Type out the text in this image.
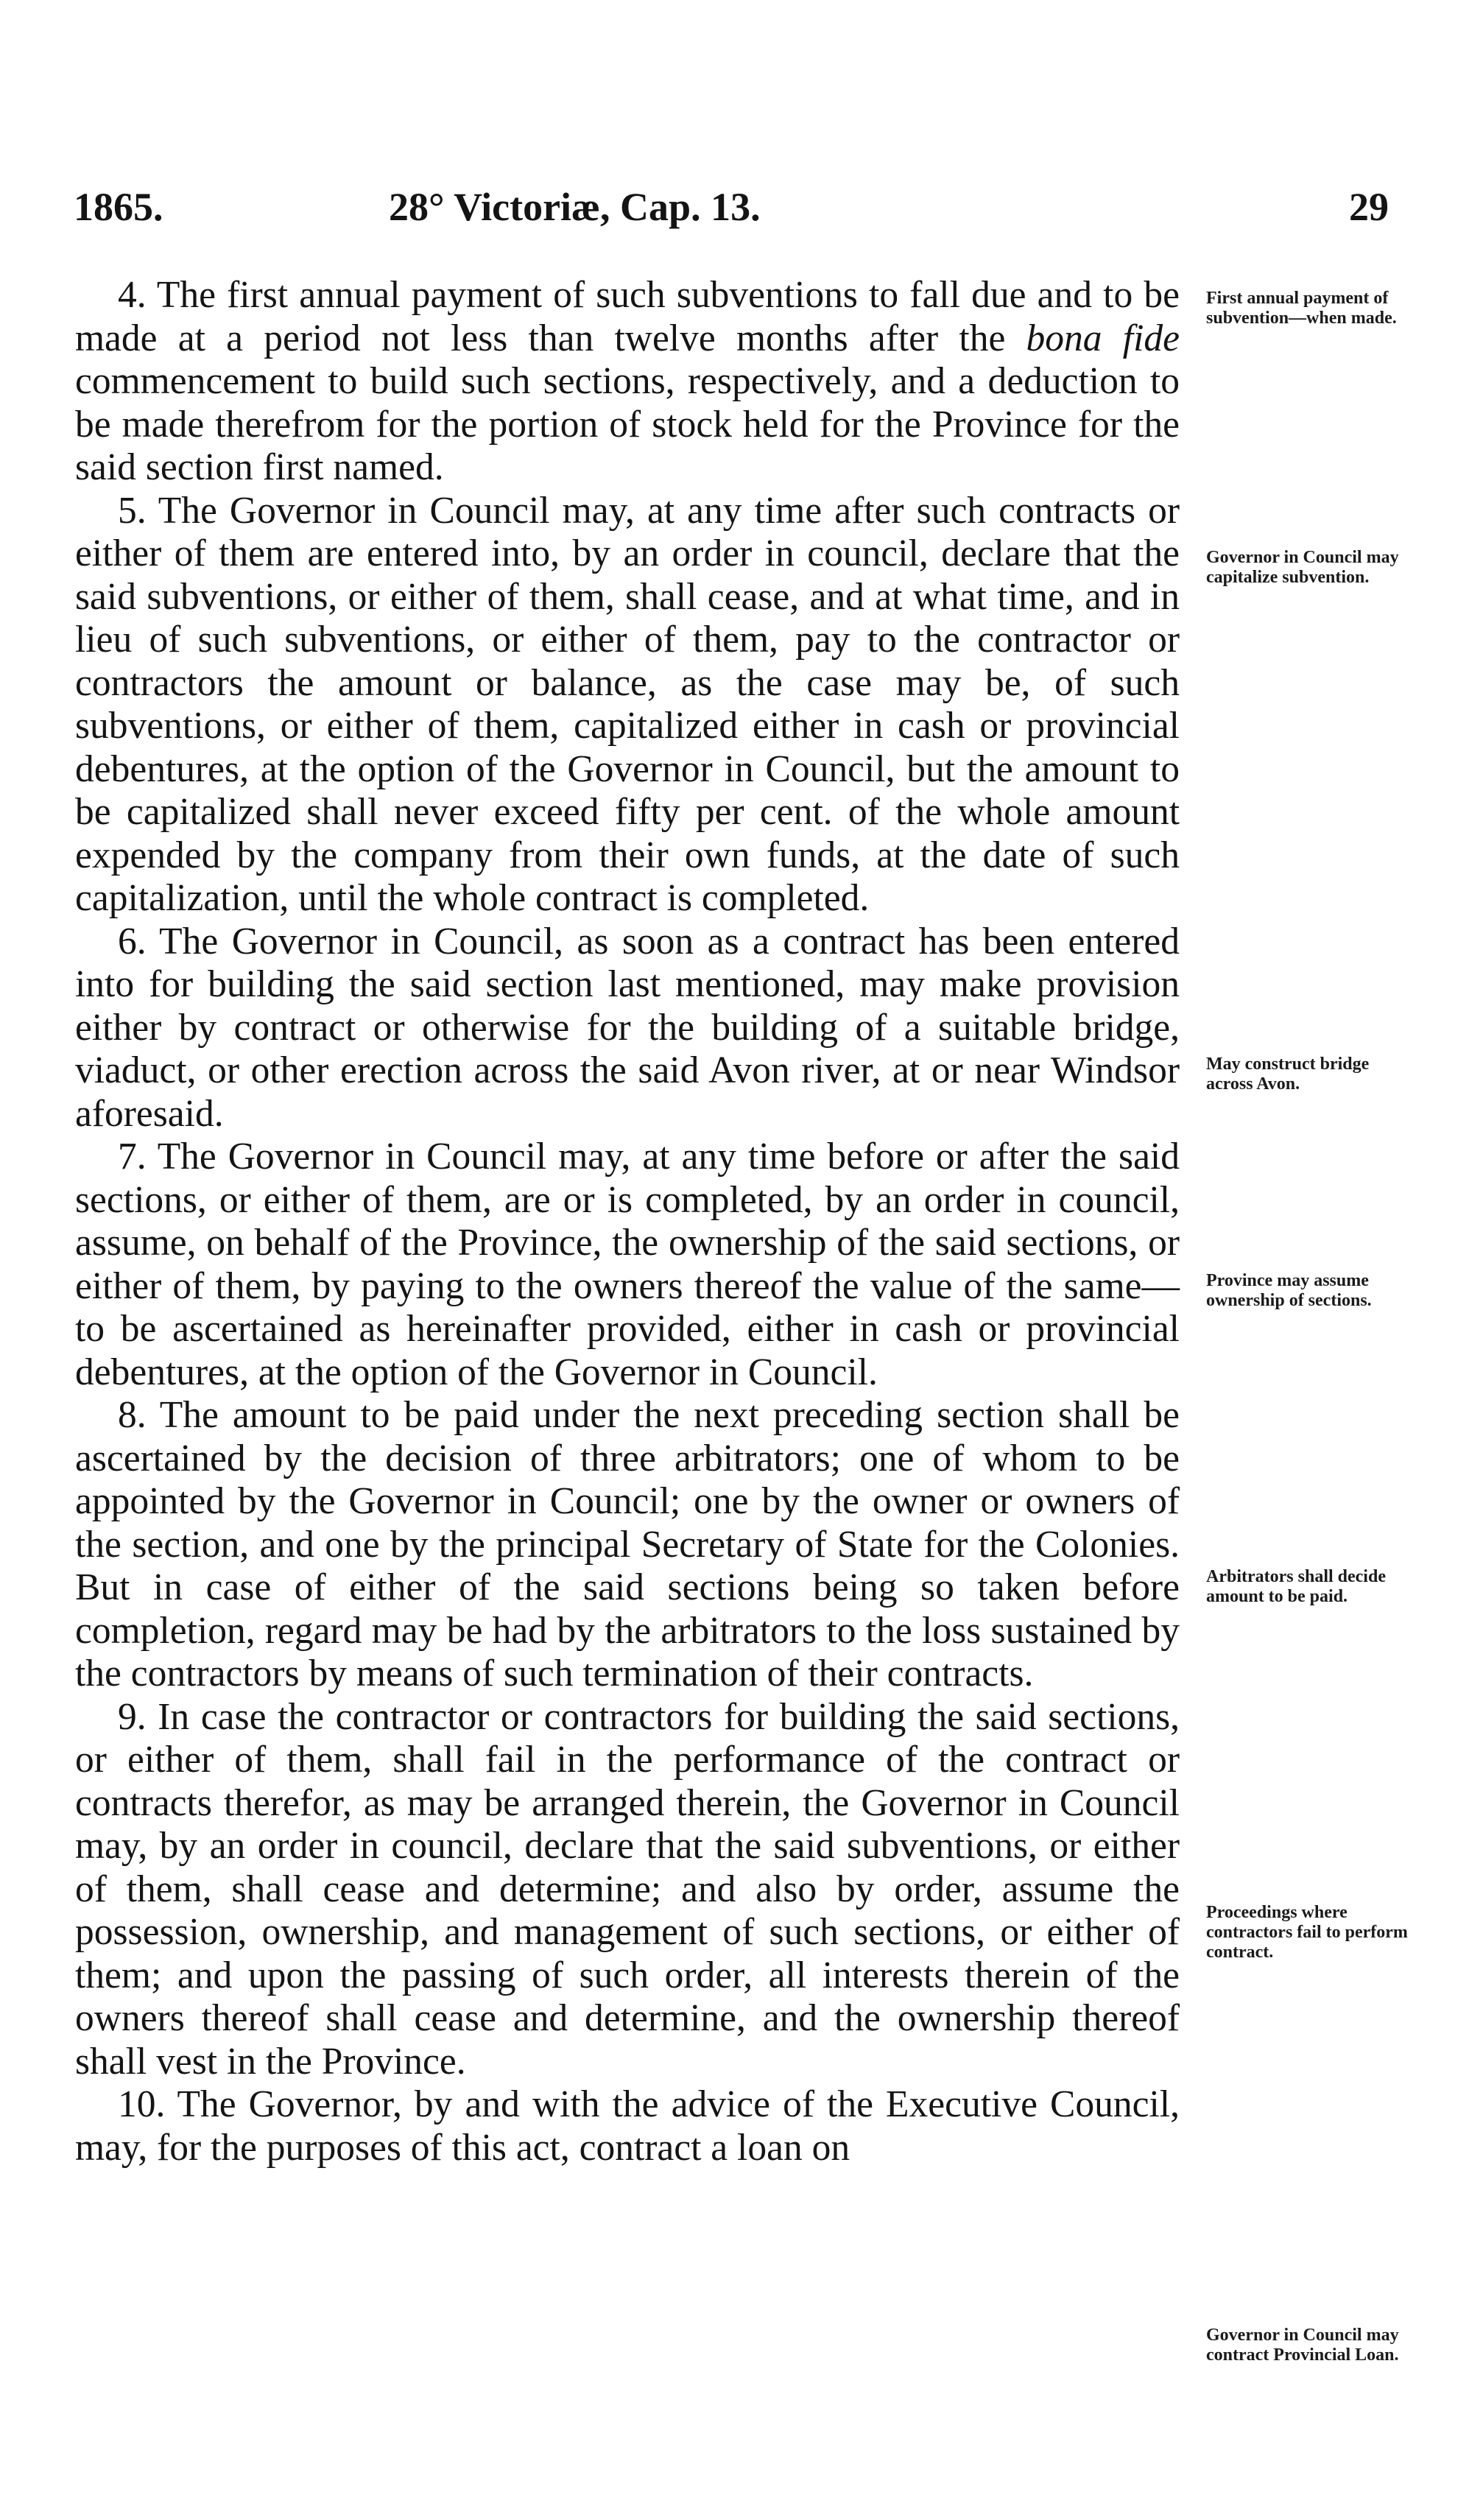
1865.	28° Victoriæ, Cap. 13.	29

4. The first annual payment of such subventions to fall due and to be made at a period not less than twelve months after the bona fide commencement to build such sections, respectively, and a deduction to be made therefrom for the portion of stock held for the Province for the said section first named.

5. The Governor in Council may, at any time after such contracts or either of them are entered into, by an order in council, declare that the said subventions, or either of them, shall cease, and at what time, and in lieu of such subventions, or either of them, pay to the contractor or contractors the amount or balance, as the case may be, of such subventions, or either of them, capitalized either in cash or provincial debentures, at the option of the Governor in Council, but the amount to be capitalized shall never exceed fifty per cent. of the whole amount expended by the company from their own funds, at the date of such capitalization, until the whole contract is completed.

6. The Governor in Council, as soon as a contract has been entered into for building the said section last mentioned, may make provision either by contract or otherwise for the building of a suitable bridge, viaduct, or other erection across the said Avon river, at or near Windsor aforesaid.

7. The Governor in Council may, at any time before or after the said sections, or either of them, are or is completed, by an order in council, assume, on behalf of the Province, the ownership of the said sections, or either of them, by paying to the owners thereof the value of the same—to be ascertained as hereinafter provided, either in cash or provincial debentures, at the option of the Governor in Council.

8. The amount to be paid under the next preceding section shall be ascertained by the decision of three arbitrators; one of whom to be appointed by the Governor in Council; one by the owner or owners of the section, and one by the principal Secretary of State for the Colonies. But in case of either of the said sections being so taken before completion, regard may be had by the arbitrators to the loss sustained by the contractors by means of such termination of their contracts.

9. In case the contractor or contractors for building the said sections, or either of them, shall fail in the performance of the contract or contracts therefor, as may be arranged therein, the Governor in Council may, by an order in council, declare that the said subventions, or either of them, shall cease and determine; and also by order, assume the possession, ownership, and management of such sections, or either of them; and upon the passing of such order, all interests therein of the owners thereof shall cease and determine, and the ownership thereof shall vest in the Province.

10. The Governor, by and with the advice of the Executive Council, may, for the purposes of this act, contract a loan on

First annual payment of subvention—when made.
Governor in Council may capitalize subvention.
May construct bridge across Avon.
Province may assume ownership of sections.
Arbitrators shall decide amount to be paid.
Proceedings where contractors fail to perform contract.
Governor in Council may contract Provincial Loan.
